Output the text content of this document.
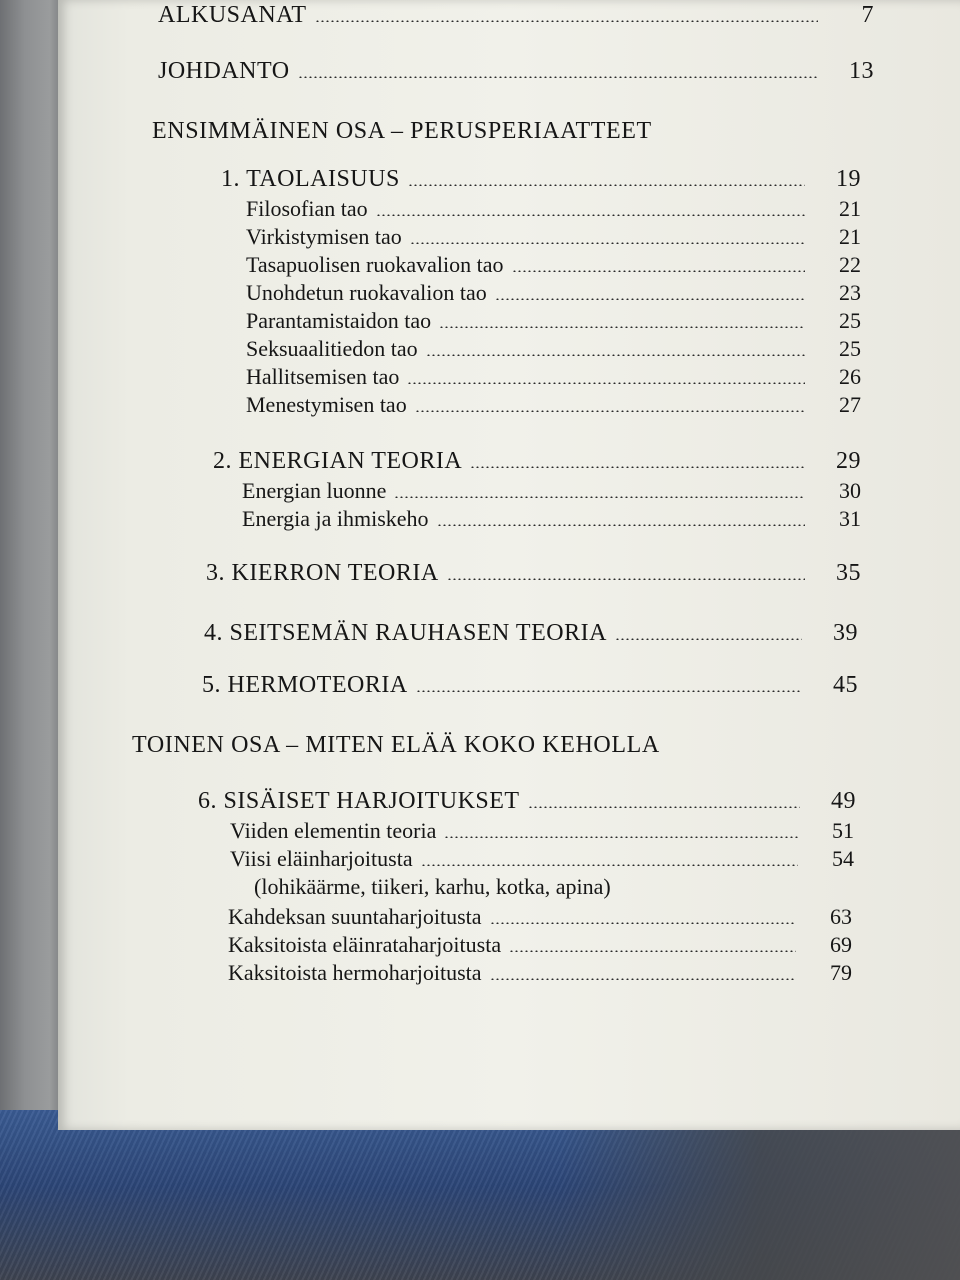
ALKUSANAT	7
JOHDANTO	13
ENSIMMÄINEN OSA – PERUSPERIAATTEET
1. TAOLAISUUS	19
Filosofian tao	21
Virkistymisen tao	21
Tasapuolisen ruokavalion tao	22
Unohdetun ruokavalion tao	23
Parantamistaidon tao	25
Seksuaalitiedon tao	25
Hallitsemisen tao	26
Menestymisen tao	27
2. ENERGIAN TEORIA	29
Energian luonne	30
Energia ja ihmiskeho	31
3. KIERRON TEORIA	35
4. SEITSEMÄN RAUHASEN TEORIA	39
5. HERMOTEORIA	45
TOINEN OSA – MITEN ELÄÄ KOKO KEHOLLA
6. SISÄISET HARJOITUKSET	49
Viiden elementin teoria	51
Viisi eläinharjoitusta	54
(lohikäärme, tiikeri, karhu, kotka, apina)
Kahdeksan suuntaharjoitusta	63
Kaksitoista eläinrataharjoitusta	69
Kaksitoista hermoharjoitusta	79
